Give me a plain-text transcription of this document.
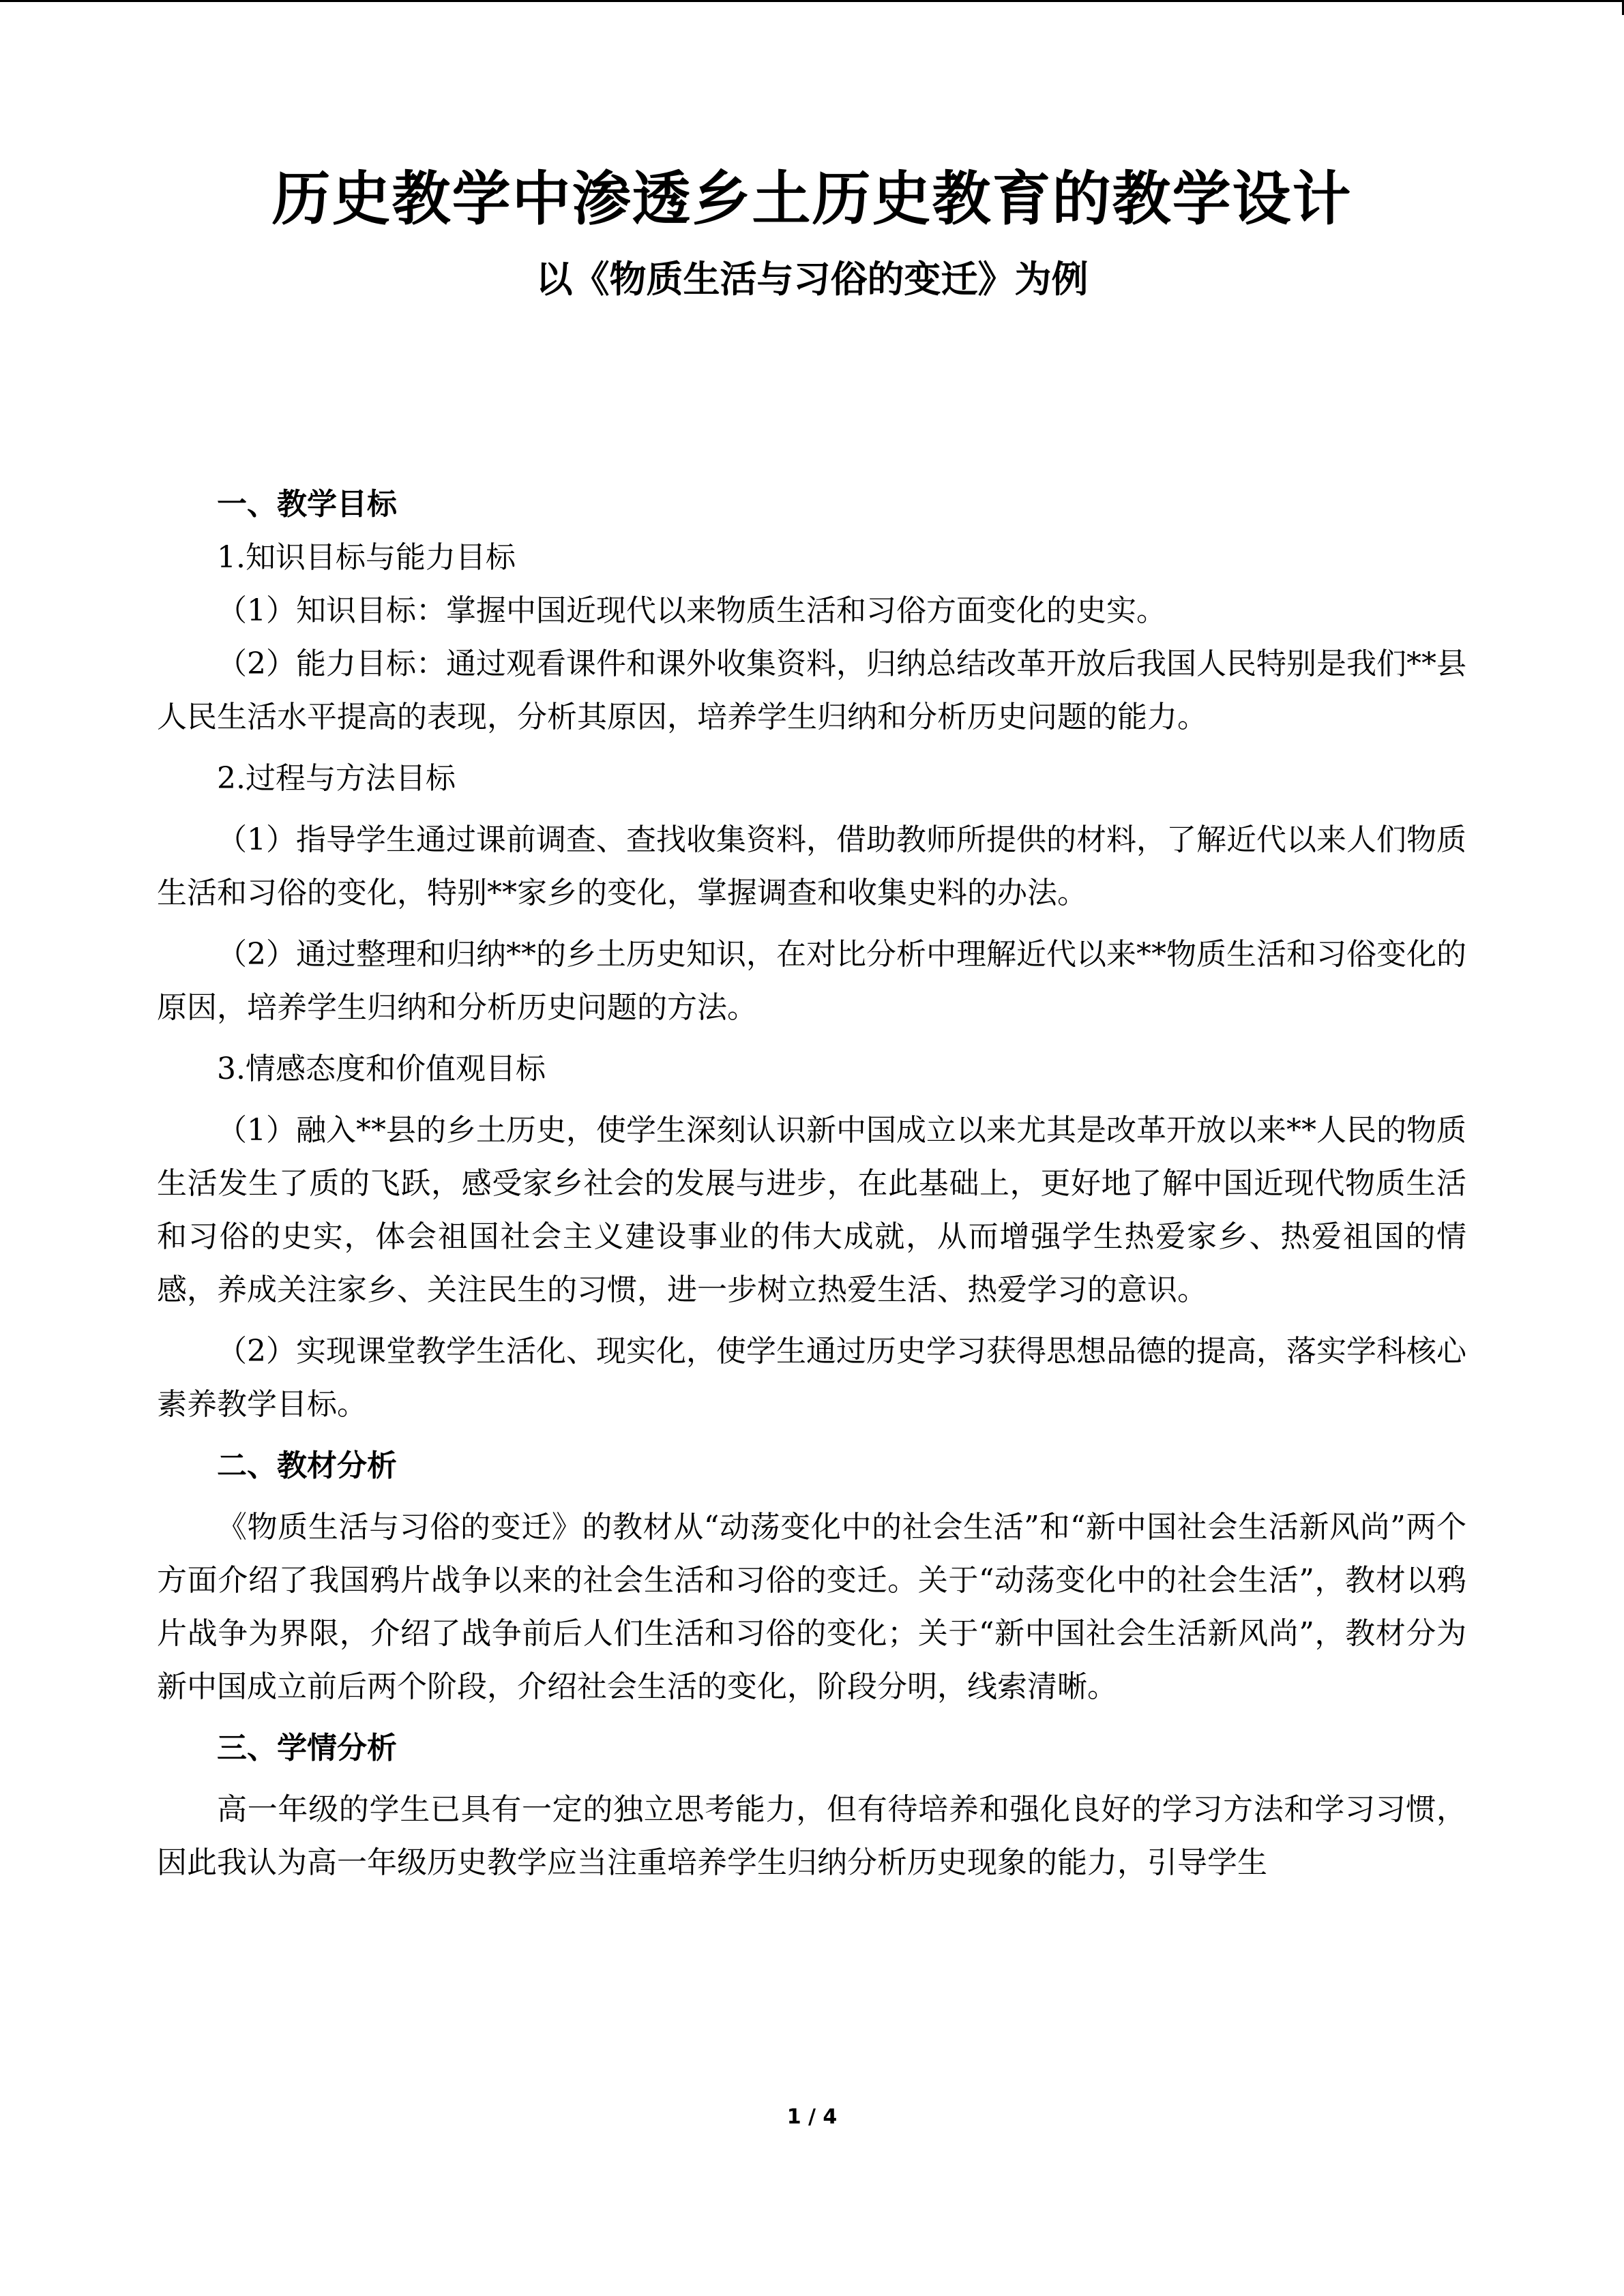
历史教学中渗透乡土历史教育的教学设计
以《物质生活与习俗的变迁》为例

一、教学目标

1.知识目标与能力目标

（1）知识目标：掌握中国近现代以来物质生活和习俗方面变化的史实。

（2）能力目标：通过观看课件和课外收集资料，归纳总结改革开放后我国人民特别是我们**县人民生活水平提高的表现，分析其原因，培养学生归纳和分析历史问题的能力。

2.过程与方法目标

（1）指导学生通过课前调查、查找收集资料，借助教师所提供的材料，了解近代以来人们物质生活和习俗的变化，特别**家乡的变化，掌握调查和收集史料的办法。

（2）通过整理和归纳**的乡土历史知识，在对比分析中理解近代以来**物质生活和习俗变化的原因，培养学生归纳和分析历史问题的方法。

3.情感态度和价值观目标

（1）融入**县的乡土历史，使学生深刻认识新中国成立以来尤其是改革开放以来**人民的物质生活发生了质的飞跃，感受家乡社会的发展与进步，在此基础上，更好地了解中国近现代物质生活和习俗的史实，体会祖国社会主义建设事业的伟大成就，从而增强学生热爱家乡、热爱祖国的情感，养成关注家乡、关注民生的习惯，进一步树立热爱生活、热爱学习的意识。

（2）实现课堂教学生活化、现实化，使学生通过历史学习获得思想品德的提高，落实学科核心素养教学目标。

二、教材分析

《物质生活与习俗的变迁》的教材从“动荡变化中的社会生活”和“新中国社会生活新风尚”两个方面介绍了我国鸦片战争以来的社会生活和习俗的变迁。关于“动荡变化中的社会生活”，教材以鸦片战争为界限，介绍了战争前后人们生活和习俗的变化；关于“新中国社会生活新风尚”，教材分为新中国成立前后两个阶段，介绍社会生活的变化，阶段分明，线索清晰。

三、学情分析

高一年级的学生已具有一定的独立思考能力，但有待培养和强化良好的学习方法和学习习惯，因此我认为高一年级历史教学应当注重培养学生归纳分析历史现象的能力，引导学生

1 / 4
